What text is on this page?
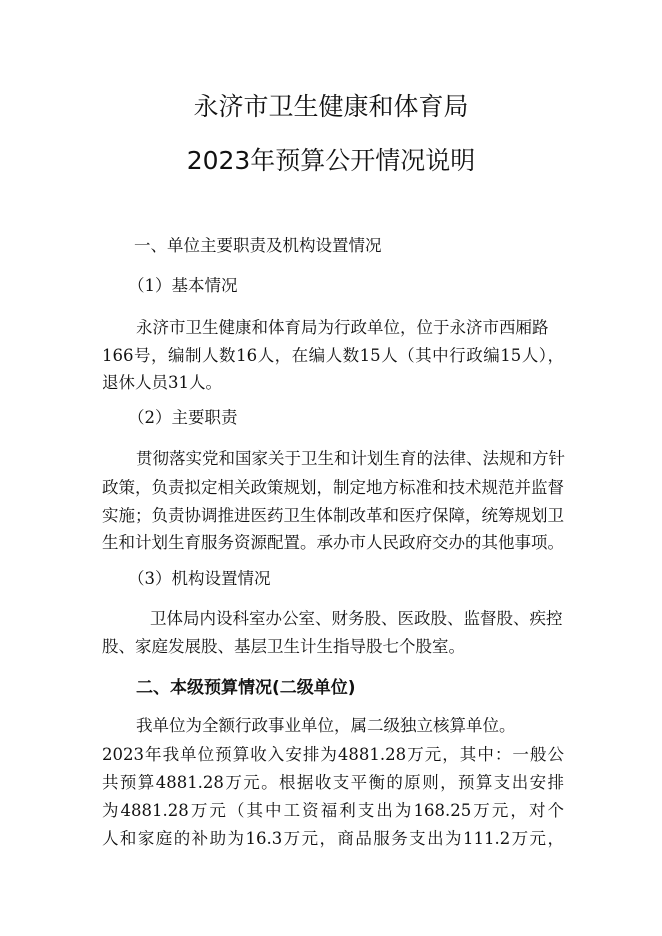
永济市卫生健康和体育局
2023年预算公开情况说明
一、单位主要职责及机构设置情况
（1）基本情况
永济市卫生健康和体育局为行政单位，位于永济市西厢路
166号，编制人数16人，在编人数15人（其中行政编15人），
退休人员31人。
（2）主要职责
贯彻落实党和国家关于卫生和计划生育的法律、法规和方针
政策，负责拟定相关政策规划，制定地方标准和技术规范并监督
实施；负责协调推进医药卫生体制改革和医疗保障，统筹规划卫
生和计划生育服务资源配置。承办市人民政府交办的其他事项。
（3）机构设置情况
卫体局内设科室办公室、财务股、医政股、监督股、疾控
股、家庭发展股、基层卫生计生指导股七个股室。
二、本级预算情况(二级单位)
我单位为全额行政事业单位，属二级独立核算单位。
2023年我单位预算收入安排为4881.28万元，其中：一般公
共预算4881.28万元。根据收支平衡的原则，预算支出安排
为4881.28万元（其中工资福利支出为168.25万元，对个
人和家庭的补助为16.3万元，商品服务支出为111.2万元，
